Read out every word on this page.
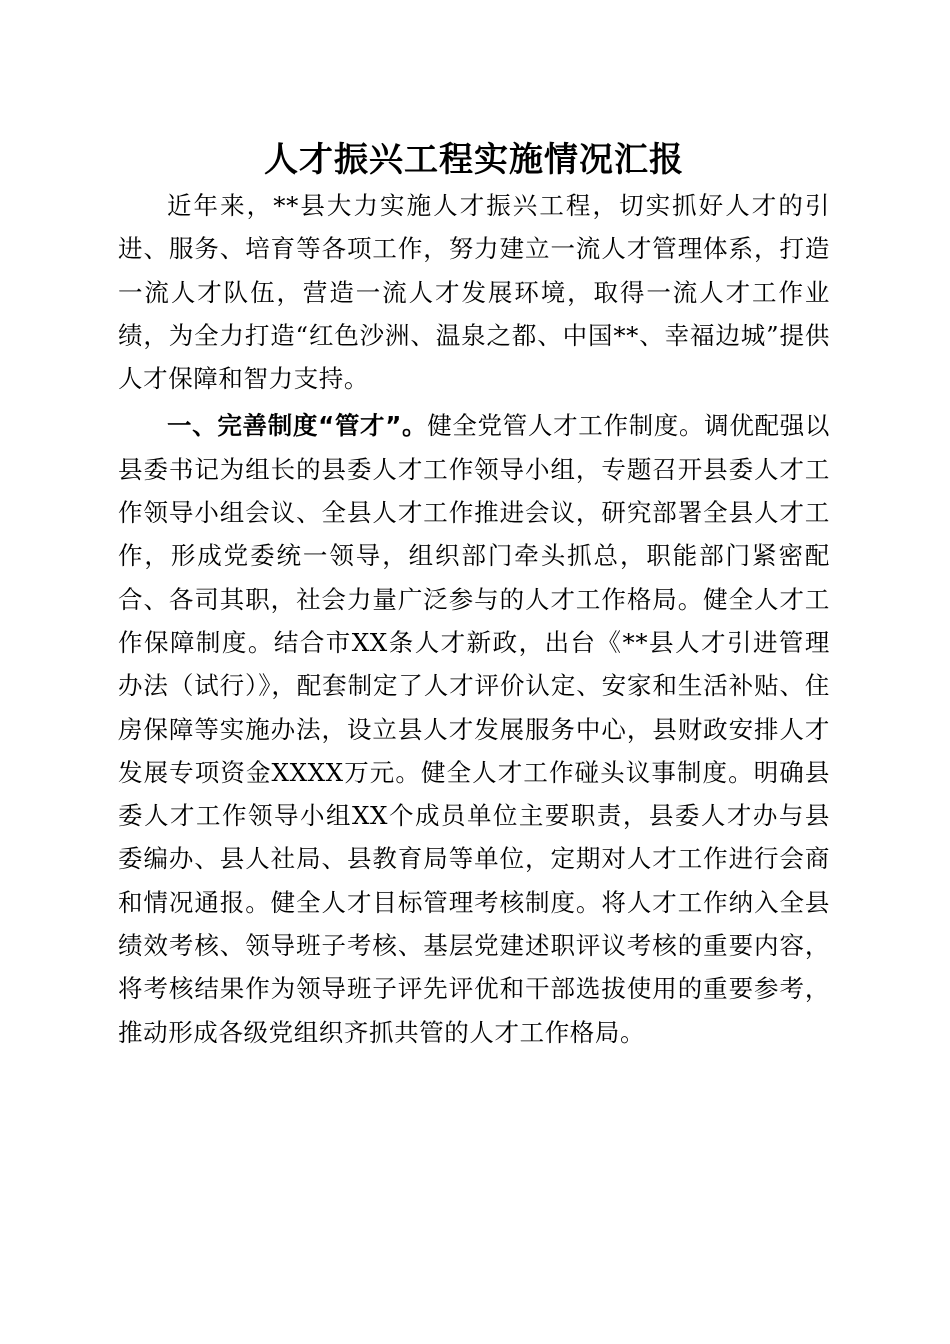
人才振兴工程实施情况汇报

近年来，**县大力实施人才振兴工程，切实抓好人才的引进、服务、培育等各项工作，努力建立一流人才管理体系，打造一流人才队伍，营造一流人才发展环境，取得一流人才工作业绩，为全力打造“红色沙洲、温泉之都、中国**、幸福边城”提供人才保障和智力支持。

一、完善制度“管才”。健全党管人才工作制度。调优配强以县委书记为组长的县委人才工作领导小组，专题召开县委人才工作领导小组会议、全县人才工作推进会议，研究部署全县人才工作，形成党委统一领导，组织部门牵头抓总，职能部门紧密配合、各司其职，社会力量广泛参与的人才工作格局。健全人才工作保障制度。结合市XX条人才新政，出台《**县人才引进管理办法（试行）》，配套制定了人才评价认定、安家和生活补贴、住房保障等实施办法，设立县人才发展服务中心，县财政安排人才发展专项资金XXXX万元。健全人才工作碰头议事制度。明确县委人才工作领导小组XX个成员单位主要职责，县委人才办与县委编办、县人社局、县教育局等单位，定期对人才工作进行会商和情况通报。健全人才目标管理考核制度。将人才工作纳入全县绩效考核、领导班子考核、基层党建述职评议考核的重要内容，将考核结果作为领导班子评先评优和干部选拔使用的重要参考，推动形成各级党组织齐抓共管的人才工作格局。
